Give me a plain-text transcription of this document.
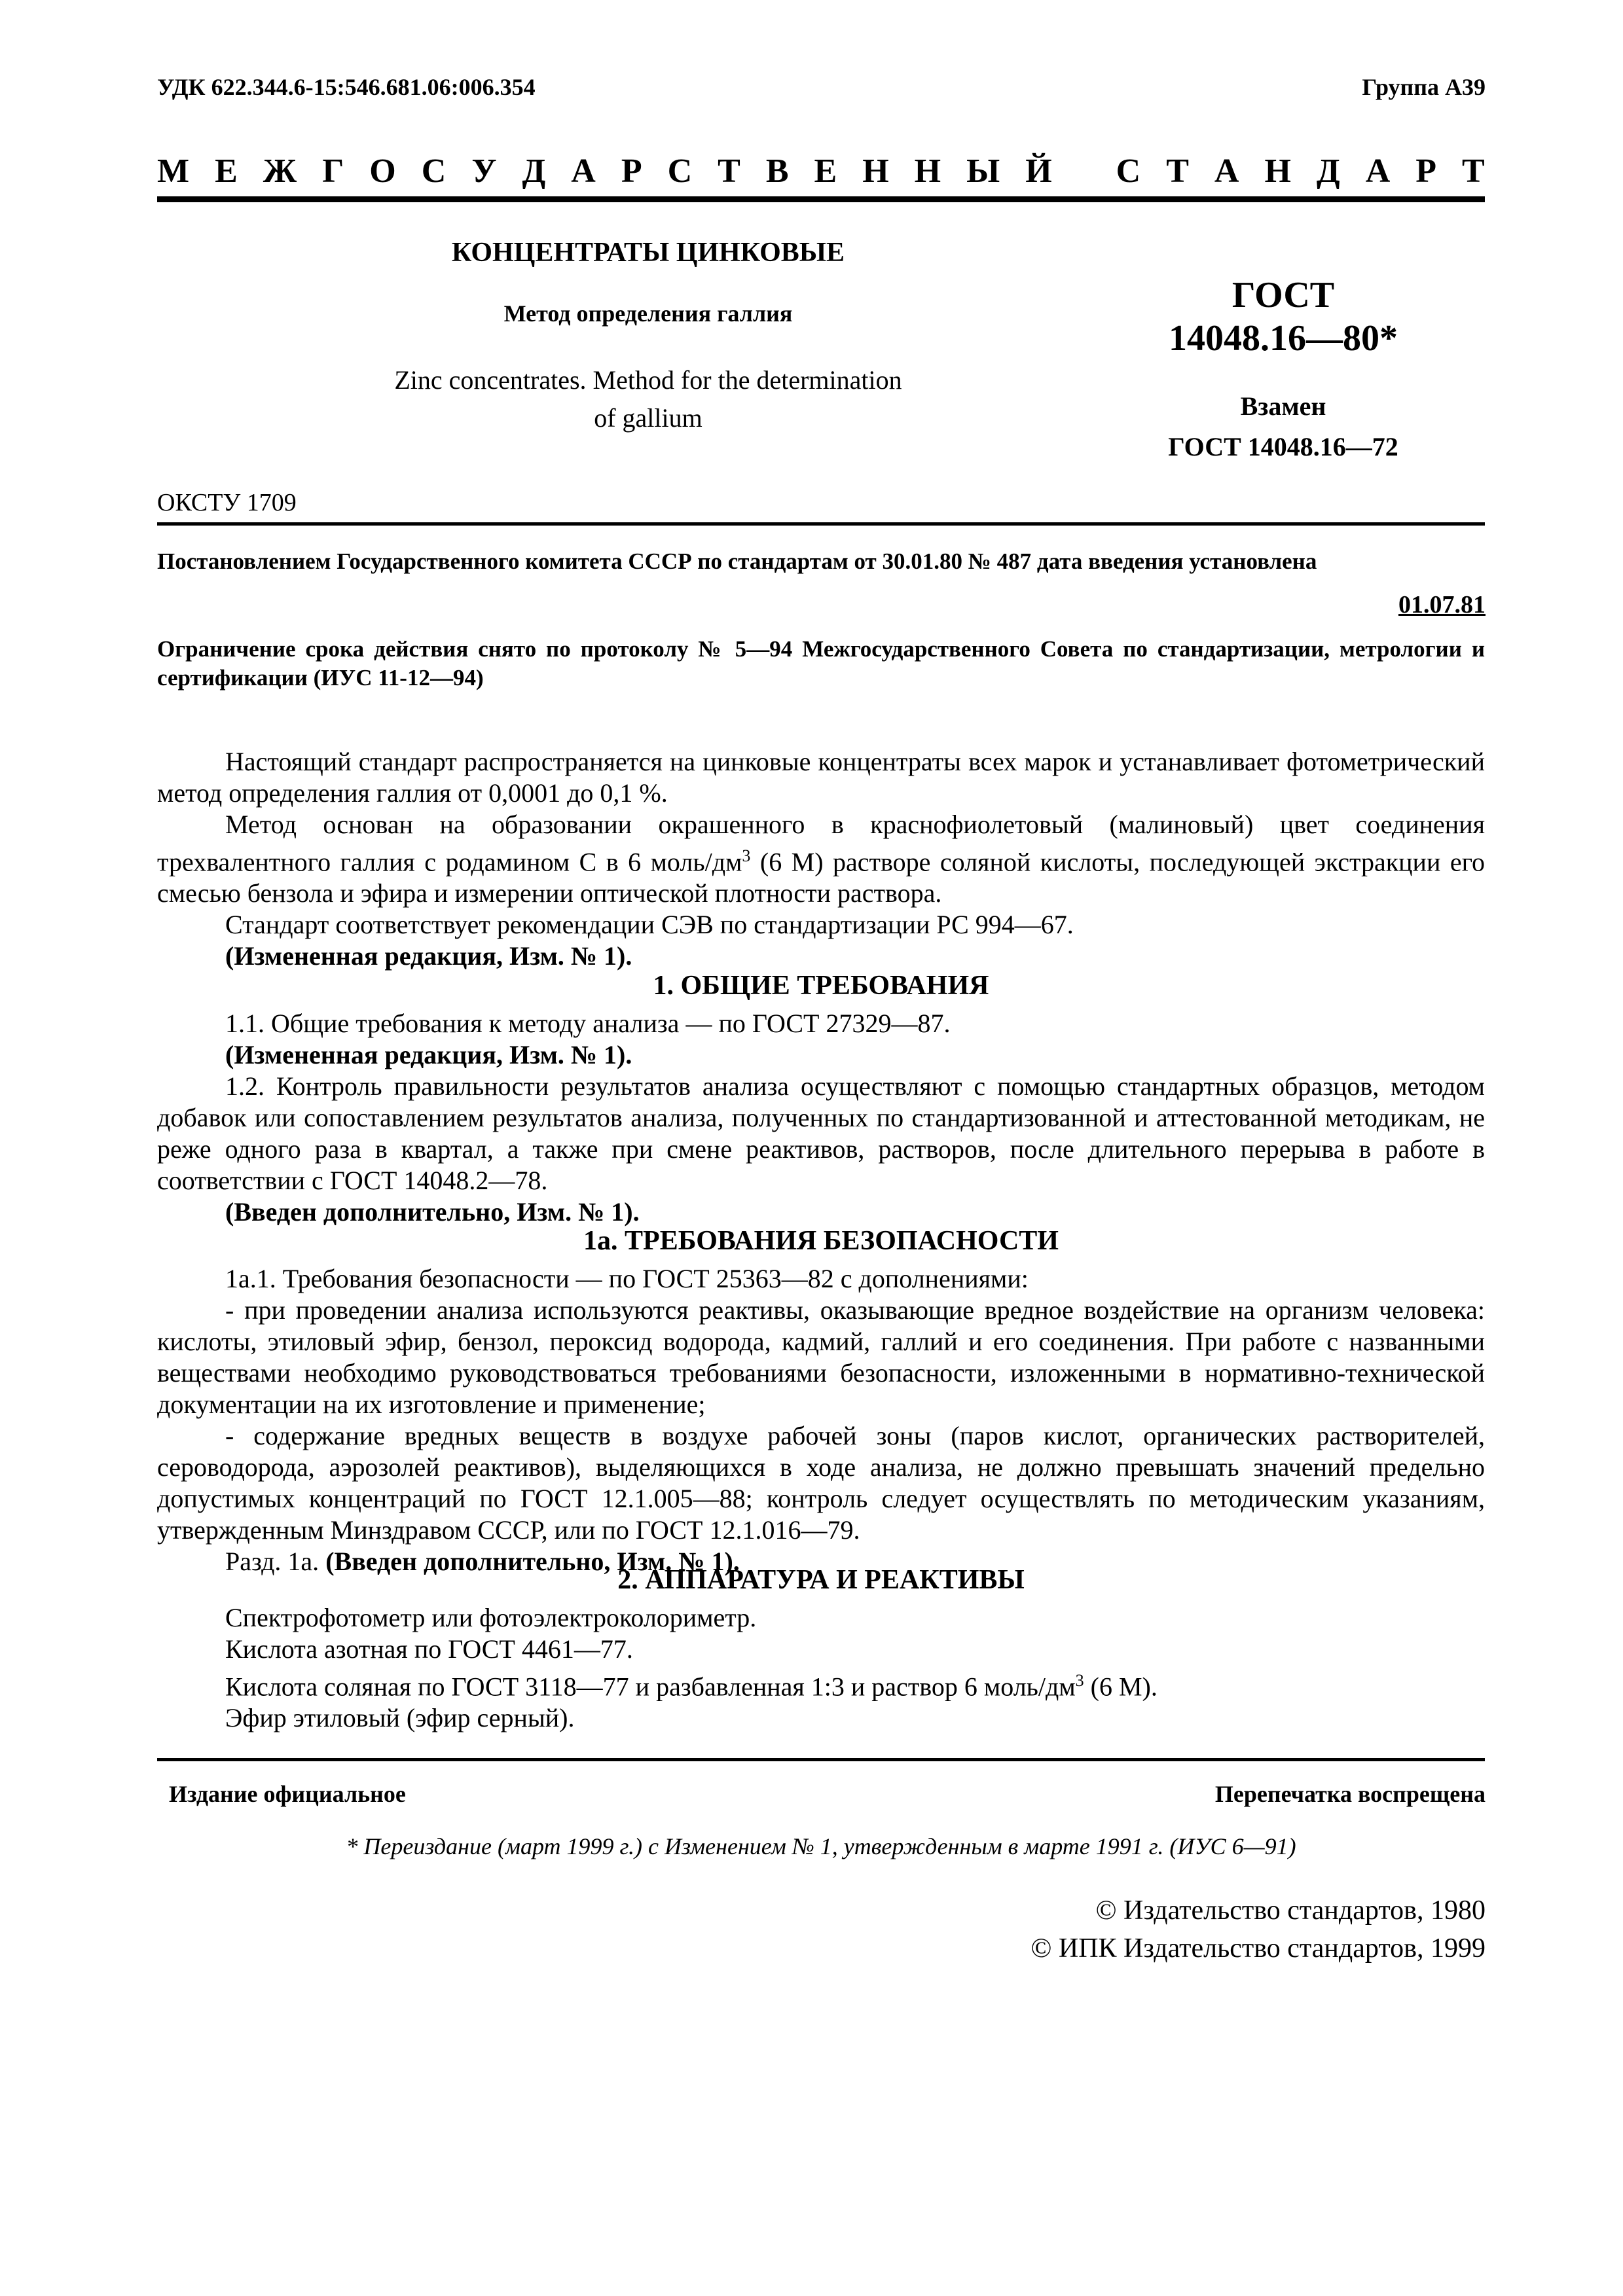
УДК 622.344.6-15:546.681.06:006.354	Группа А39
М Е Ж Г О С У Д А Р С Т В Е Н Н Ы Й С Т А Н Д А Р Т
КОНЦЕНТРАТЫ ЦИНКОВЫЕ
Метод определения галлия
Zinc concentrates. Method for the determination
of gallium
ГОСТ
14048.16—80*
Взамен
ГОСТ 14048.16—72
ОКСТУ 1709
Постановлением Государственного комитета СССР по стандартам от 30.01.80 № 487 дата введения установлена
01.07.81
Ограничение срока действия снято по протоколу № 5—94 Межгосударственного Совета по стандартизации, метрологии и сертификации (ИУС 11-12—94)

Настоящий стандарт распространяется на цинковые концентраты всех марок и устанавливает фотометрический метод определения галлия от 0,0001 до 0,1 %.

Метод основан на образовании окрашенного в краснофиолетовый (малиновый) цвет соединения трехвалентного галлия с родамином С в 6 моль/$дм^3$ (6 М) растворе соляной кислоты, последующей экстракции его смесью бензола и эфира и измерении оптической плотности раствора.

Стандарт соответствует рекомендации СЭВ по стандартизации РС 994—67.

(Измененная редакция, Изм. № 1).

1. ОБЩИЕ ТРЕБОВАНИЯ

1.1. Общие требования к методу анализа — по ГОСТ 27329—87.

(Измененная редакция, Изм. № 1).

1.2. Контроль правильности результатов анализа осуществляют с помощью стандартных образцов, методом добавок или сопоставлением результатов анализа, полученных по стандартизованной и аттестованной методикам, не реже одного раза в квартал, а также при смене реактивов, растворов, после длительного перерыва в работе в соответствии с ГОСТ 14048.2—78.

(Введен дополнительно, Изм. № 1).

1а. ТРЕБОВАНИЯ БЕЗОПАСНОСТИ

1а.1. Требования безопасности — по ГОСТ 25363—82 с дополнениями:

- при проведении анализа используются реактивы, оказывающие вредное воздействие на организм человека: кислоты, этиловый эфир, бензол, пероксид водорода, кадмий, галлий и его соединения. При работе с названными веществами необходимо руководствоваться требованиями безопасности, изложенными в нормативно-технической документации на их изготовление и применение;

- содержание вредных веществ в воздухе рабочей зоны (паров кислот, органических растворителей, сероводорода, аэрозолей реактивов), выделяющихся в ходе анализа, не должно превышать значений предельно допустимых концентраций по ГОСТ 12.1.005—88; контроль следует осуществлять по методическим указаниям, утвержденным Минздравом СССР, или по ГОСТ 12.1.016—79.

Разд. 1а. (Введен дополнительно, Изм. № 1).

2. АППАРАТУРА И РЕАКТИВЫ

Спектрофотометр или фотоэлектроколориметр.

Кислота азотная по ГОСТ 4461—77.

Кислота соляная по ГОСТ 3118—77 и разбавленная 1:3 и раствор 6 моль/$дм^3$ (6 М).

Эфир этиловый (эфир серный).

Издание официальное	Перепечатка воспрещена
* Переиздание (март 1999 г.) с Изменением № 1, утвержденным в марте 1991 г. (ИУС 6—91)
© Издательство стандартов, 1980
© ИПК Издательство стандартов, 1999
